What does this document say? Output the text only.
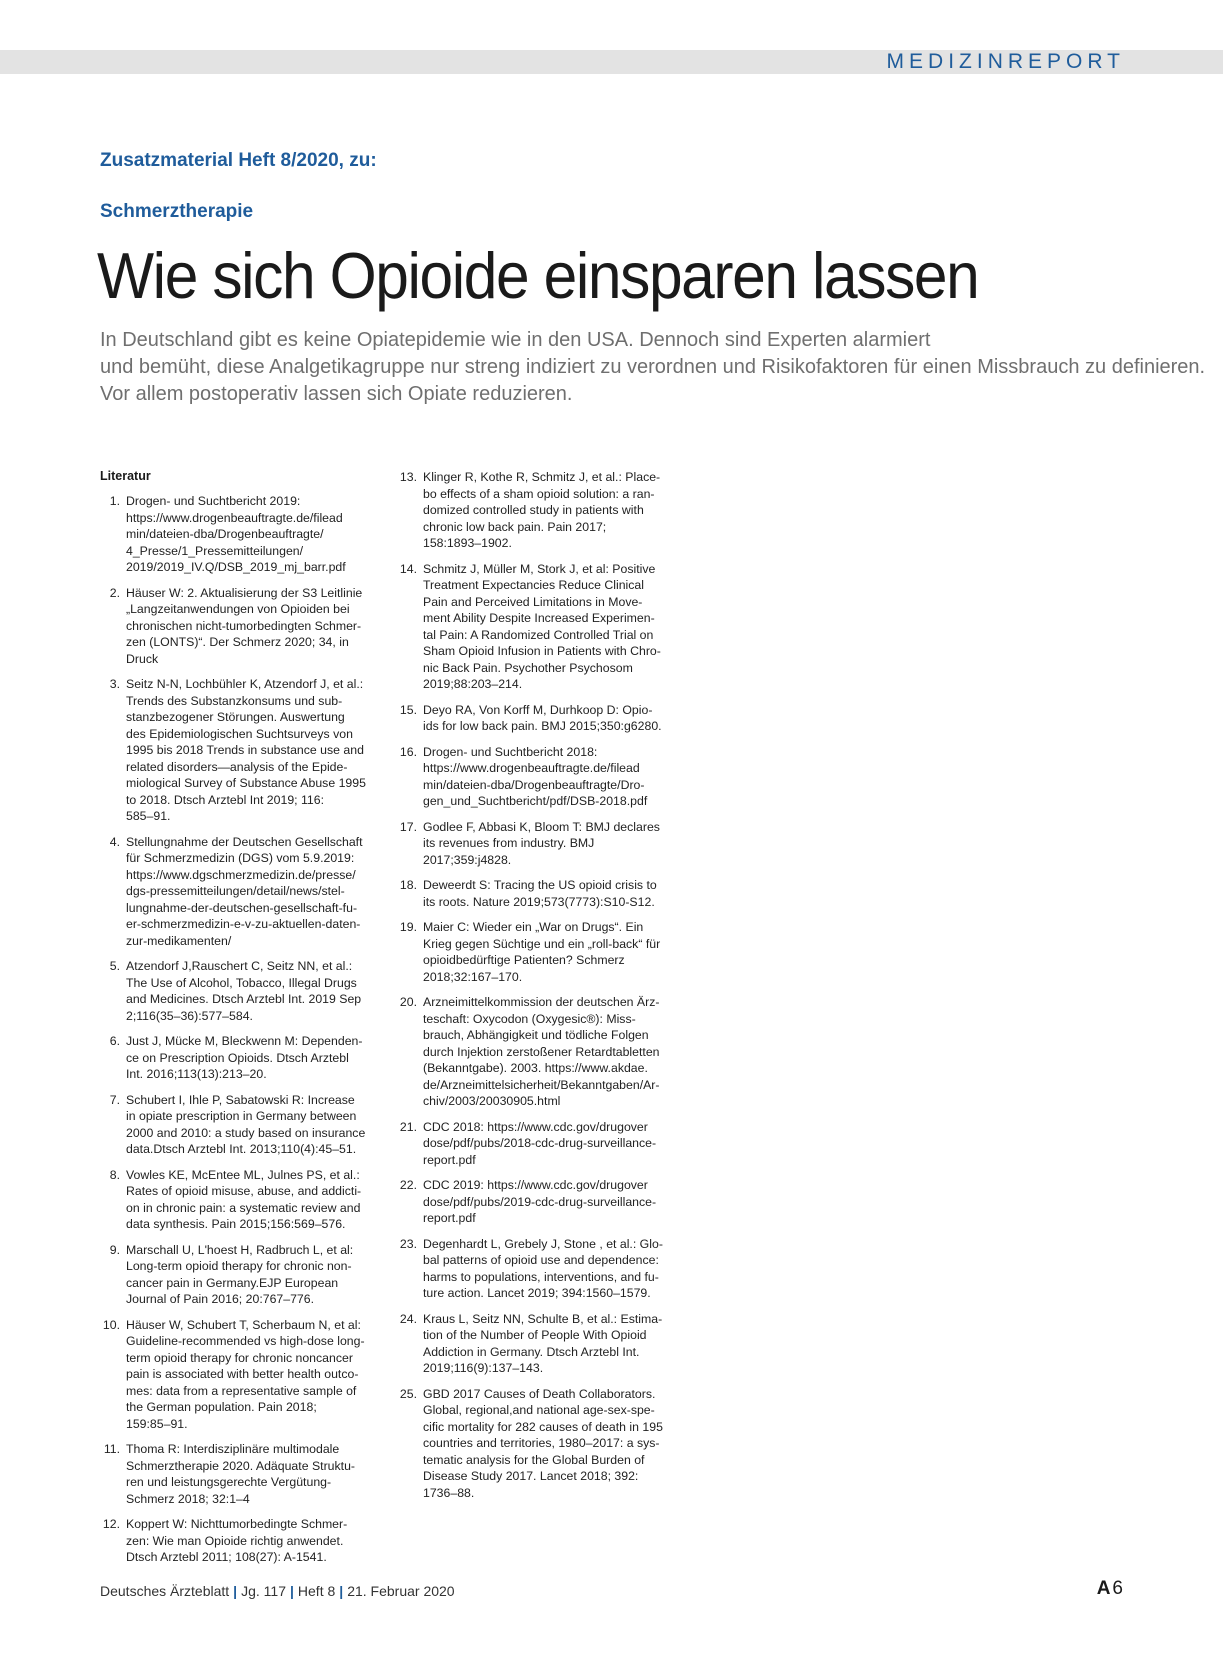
MEDIZINREPORT
Zusatzmaterial Heft 8/2020, zu:
Schmerztherapie
Wie sich Opioide einsparen lassen
In Deutschland gibt es keine Opiatepidemie wie in den USA. Dennoch sind Experten alarmiert
und bemüht, diese Analgetikagruppe nur streng indiziert zu verordnen und Risikofaktoren für einen Missbrauch zu definieren.
Vor allem postoperativ lassen sich Opiate reduzieren.
Literatur
1. Drogen- und Suchtbericht 2019:
https://www.drogenbeauftragte.de/filead
min/dateien-dba/Drogenbeauftragte/
4_Presse/1_Pressemitteilungen/
2019/2019_IV.Q/DSB_2019_mj_barr.pdf
2. Häuser W: 2. Aktualisierung der S3 Leitlinie
„Langzeitanwendungen von Opioiden bei
chronischen nicht-tumorbedingten Schmer-
zen (LONTS)“. Der Schmerz 2020; 34, in
Druck
3. Seitz N-N, Lochbühler K, Atzendorf J, et al.:
Trends des Substanzkonsums und sub-
stanzbezogener Störungen. Auswertung
des Epidemiologischen Suchtsurveys von
1995 bis 2018 Trends in substance use and
related disorders—analysis of the Epide-
miological Survey of Substance Abuse 1995
to 2018. Dtsch Arztebl Int 2019; 116:
585–91.
4. Stellungnahme der Deutschen Gesellschaft
für Schmerzmedizin (DGS) vom 5.9.2019:
https://www.dgschmerzmedizin.de/presse/
dgs-pressemitteilungen/detail/news/stel-
lungnahme-der-deutschen-gesellschaft-fu-
er-schmerzmedizin-e-v-zu-aktuellen-daten-
zur-medikamenten/
5. Atzendorf J,Rauschert C, Seitz NN, et al.:
The Use of Alcohol, Tobacco, Illegal Drugs
and Medicines. Dtsch Arztebl Int. 2019 Sep
2;116(35–36):577–584.
6. Just J, Mücke M, Bleckwenn M: Dependen-
ce on Prescription Opioids. Dtsch Arztebl
Int. 2016;113(13):213–20.
7. Schubert I, Ihle P, Sabatowski R: Increase
in opiate prescription in Germany between
2000 and 2010: a study based on insurance
data.Dtsch Arztebl Int. 2013;110(4):45–51.
8. Vowles KE, McEntee ML, Julnes PS, et al.:
Rates of opioid misuse, abuse, and addicti-
on in chronic pain: a systematic review and
data synthesis. Pain 2015;156:569–576.
9. Marschall U, L'hoest H, Radbruch L, et al:
Long-term opioid therapy for chronic non-
cancer pain in Germany.EJP European
Journal of Pain 2016; 20:767–776.
10. Häuser W, Schubert T, Scherbaum N, et al:
Guideline-recommended vs high-dose long-
term opioid therapy for chronic noncancer
pain is associated with better health outco-
mes: data from a representative sample of
the German population. Pain 2018;
159:85–91.
11. Thoma R: Interdisziplinäre multimodale
Schmerztherapie 2020. Adäquate Struktu-
ren und leistungsgerechte Vergütung-
Schmerz 2018; 32:1–4
12. Koppert W: Nichttumorbedingte Schmer-
zen: Wie man Opioide richtig anwendet.
Dtsch Arztebl 2011; 108(27): A-1541.
13. Klinger R, Kothe R, Schmitz J, et al.: Place-
bo effects of a sham opioid solution: a ran-
domized controlled study in patients with
chronic low back pain. Pain 2017;
158:1893–1902.
14. Schmitz J, Müller M, Stork J, et al: Positive
Treatment Expectancies Reduce Clinical
Pain and Perceived Limitations in Move-
ment Ability Despite Increased Experimen-
tal Pain: A Randomized Controlled Trial on
Sham Opioid Infusion in Patients with Chro-
nic Back Pain. Psychother Psychosom
2019;88:203–214.
15. Deyo RA, Von Korff M, Durhkoop D: Opio-
ids for low back pain. BMJ 2015;350:g6280.
16. Drogen- und Suchtbericht 2018:
https://www.drogenbeauftragte.de/filead
min/dateien-dba/Drogenbeauftragte/Dro-
gen_und_Suchtbericht/pdf/DSB-2018.pdf
17. Godlee F, Abbasi K, Bloom T: BMJ declares
its revenues from industry. BMJ
2017;359:j4828.
18. Deweerdt S: Tracing the US opioid crisis to
its roots. Nature 2019;573(7773):S10-S12.
19. Maier C: Wieder ein „War on Drugs“. Ein
Krieg gegen Süchtige und ein „roll-back“ für
opioidbedürftige Patienten? Schmerz
2018;32:167–170.
20. Arzneimittelkommission der deutschen Ärz-
teschaft: Oxycodon (Oxygesic®): Miss-
brauch, Abhängigkeit und tödliche Folgen
durch Injektion zerstoßener Retardtabletten
(Bekanntgabe). 2003. https://www.akdae.
de/Arzneimittelsicherheit/Bekanntgaben/Ar-
chiv/2003/20030905.html
21. CDC 2018: https://www.cdc.gov/drugover
dose/pdf/pubs/2018-cdc-drug-surveillance-
report.pdf
22. CDC 2019: https://www.cdc.gov/drugover
dose/pdf/pubs/2019-cdc-drug-surveillance-
report.pdf
23. Degenhardt L, Grebely J, Stone , et al.: Glo-
bal patterns of opioid use and dependence:
harms to populations, interventions, and fu-
ture action. Lancet 2019; 394:1560–1579.
24. Kraus L, Seitz NN, Schulte B, et al.: Estima-
tion of the Number of People With Opioid
Addiction in Germany. Dtsch Arztebl Int.
2019;116(9):137–143.
25. GBD 2017 Causes of Death Collaborators.
Global, regional,and national age-sex-spe-
cific mortality for 282 causes of death in 195
countries and territories, 1980–2017: a sys-
tematic analysis for the Global Burden of
Disease Study 2017. Lancet 2018; 392:
1736–88.
Deutsches Ärzteblatt | Jg. 117 | Heft 8 | 21. Februar 2020	A 6
